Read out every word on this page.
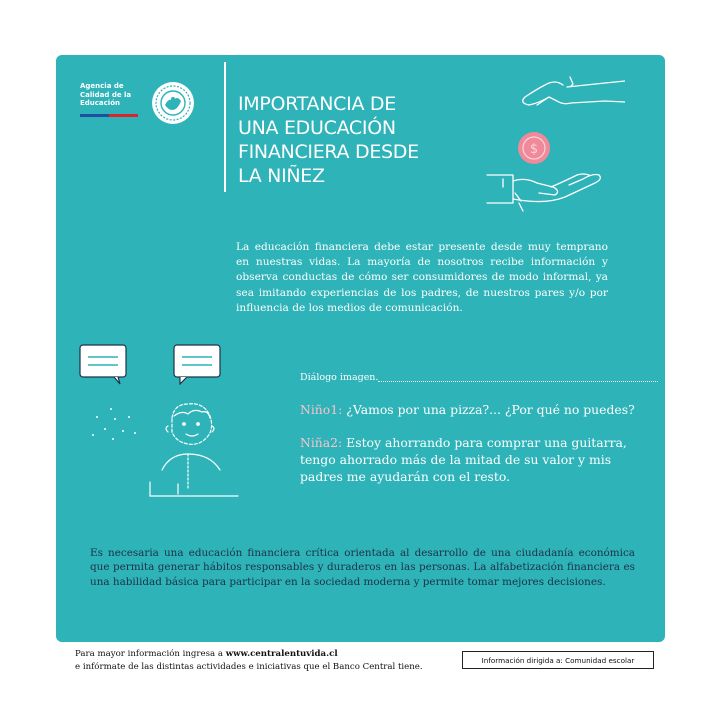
Agencia de
Calidad de la
Educación	IMPORTANCIA DE
UNA EDUCACIÓN
FINANCIERA DESDE
LA NIÑEZ
$

La educación financiera debe estar presente desde muy temprano en nuestras vidas. La mayoría de nosotros recibe información y observa conductas de cómo ser consumidores de modo informal, ya sea imitando experiencias de los padres, de nuestros pares y/o por influencia de los medios de comunicación.

Diálogo imagen.
Niño1: ¿Vamos por una pizza?... ¿Por qué no puedes?
Niña2: Estoy ahorrando para comprar una guitarra, tengo ahorrado más de la mitad de su valor y mis padres me ayudarán con el resto.

Es necesaria una educación financiera crítica orientada al desarrollo de una ciudadanía económica que permita generar hábitos responsables y duraderos en las personas. La alfabetización financiera es una habilidad básica para participar en la sociedad moderna y permite tomar mejores decisiones.

Para mayor información ingresa a www.centralentuvida.cl
e infórmate de las distintas actividades e iniciativas que el Banco Central tiene.
Información dirigida a: Comunidad escolar
